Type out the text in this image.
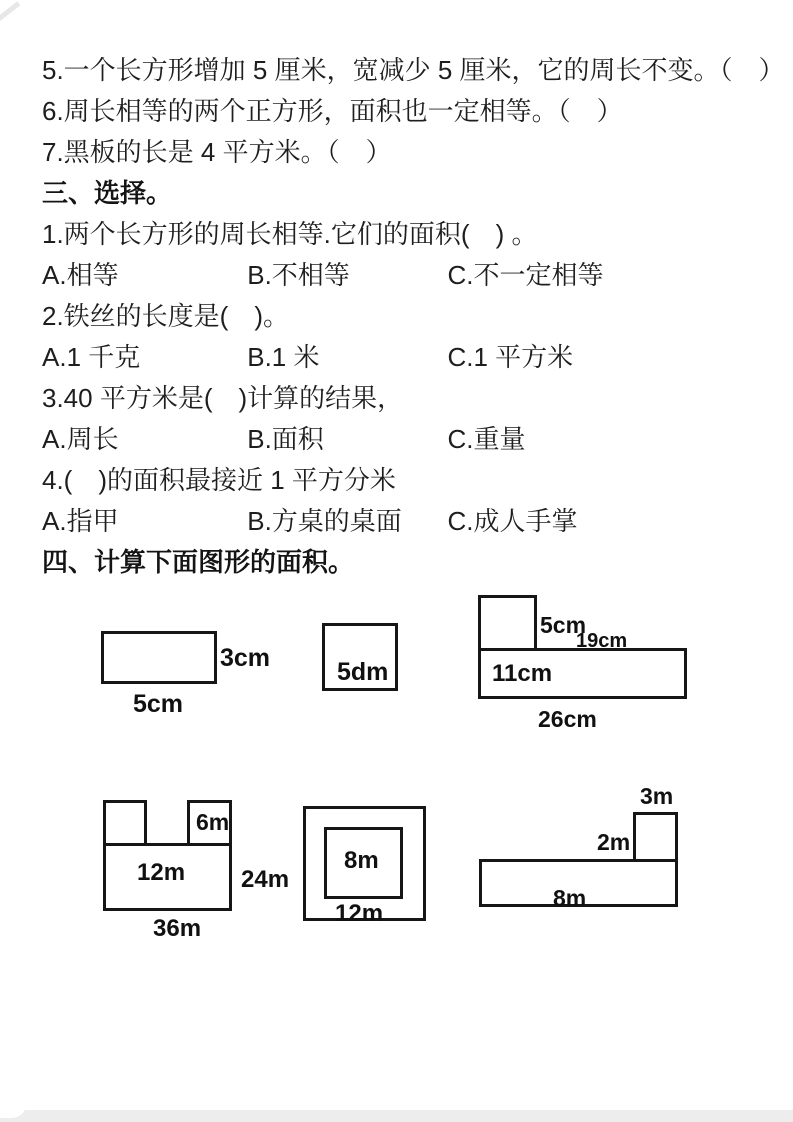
5.一个长方形增加 5 厘米，宽减少 5 厘米，它的周长不变。（　）
6.周长相等的两个正方形，面积也一定相等。（　）
7.黑板的长是 4 平方米。（　）
三、选择。
1.两个长方形的周长相等.它们的面积(　) 。
A.相等	B.不相等	C.不一定相等
2.铁丝的长度是(　)。
A.1 千克	B.1 米	C.1 平方米
3.40 平方米是(　)计算的结果，
A.周长	B.面积	C.重量
4.(　)的面积最接近 1 平方分米
A.指甲	B.方桌的桌面 C.成人手掌
四、计算下面图形的面积。
3cm
5cm
5dm
5cm
19cm
11cm
26cm
6m
12m 24m
36m
8m
12m
3m
2m
8m
